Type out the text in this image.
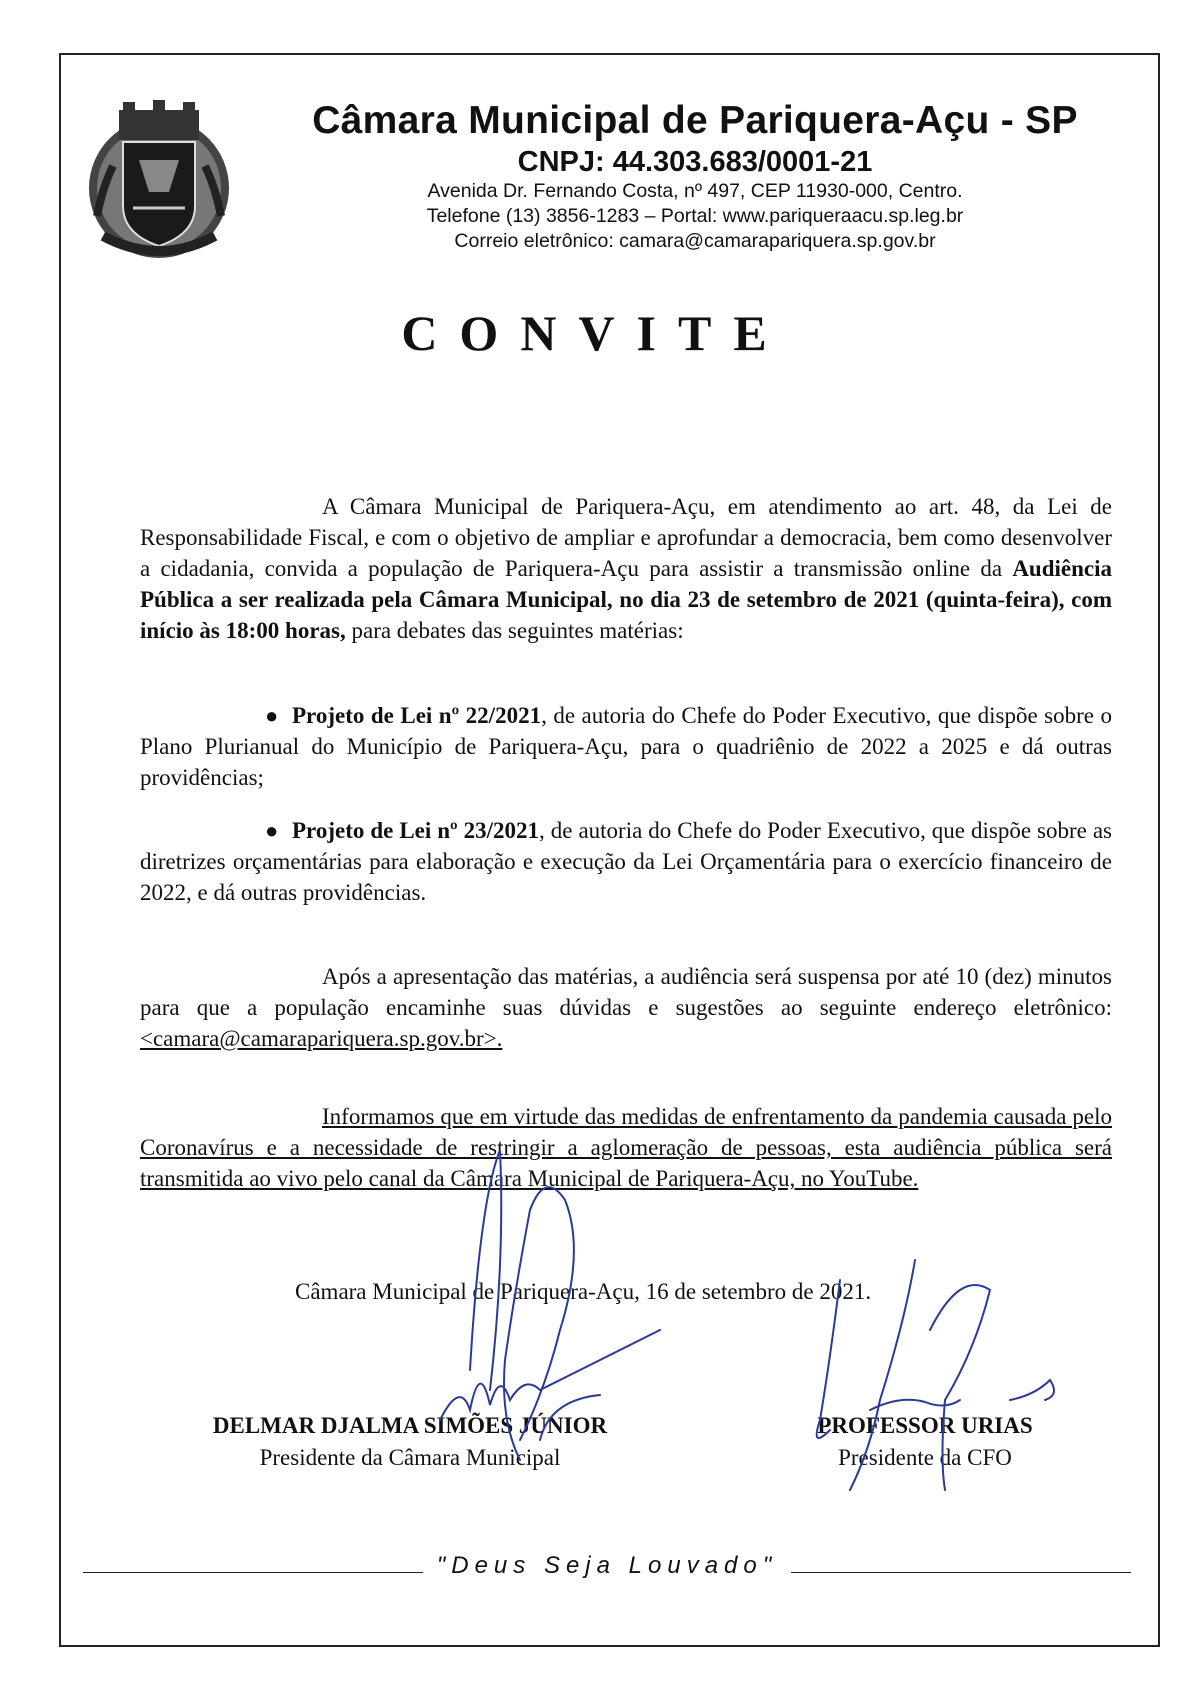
Câmara Municipal de Pariquera-Açu - SP
CNPJ: 44.303.683/0001-21
Avenida Dr. Fernando Costa, nº 497, CEP 11930-000, Centro.
Telefone (13) 3856-1283 – Portal: www.pariqueraacu.sp.leg.br
Correio eletrônico: camara@camarapariquera.sp.gov.br
CONVITE
A Câmara Municipal de Pariquera-Açu, em atendimento ao art. 48, da Lei de Responsabilidade Fiscal, e com o objetivo de ampliar e aprofundar a democracia, bem como desenvolver a cidadania, convida a população de Pariquera-Açu para assistir a transmissão online da Audiência Pública a ser realizada pela Câmara Municipal, no dia 23 de setembro de 2021 (quinta-feira), com início às 18:00 horas, para debates das seguintes matérias:
● Projeto de Lei nº 22/2021, de autoria do Chefe do Poder Executivo, que dispõe sobre o Plano Plurianual do Município de Pariquera-Açu, para o quadriênio de 2022 a 2025 e dá outras providências;
● Projeto de Lei nº 23/2021, de autoria do Chefe do Poder Executivo, que dispõe sobre as diretrizes orçamentárias para elaboração e execução da Lei Orçamentária para o exercício financeiro de 2022, e dá outras providências.
Após a apresentação das matérias, a audiência será suspensa por até 10 (dez) minutos para que a população encaminhe suas dúvidas e sugestões ao seguinte endereço eletrônico: <camara@camarapariquera.sp.gov.br>.
Informamos que em virtude das medidas de enfrentamento da pandemia causada pelo Coronavírus e a necessidade de restringir a aglomeração de pessoas, esta audiência pública será transmitida ao vivo pelo canal da Câmara Municipal de Pariquera-Açu, no YouTube.
Câmara Municipal de Pariquera-Açu, 16 de setembro de 2021.
DELMAR DJALMA SIMÕES JÚNIOR
Presidente da Câmara Municipal
PROFESSOR URIAS
Presidente da CFO
"Deus Seja Louvado"
